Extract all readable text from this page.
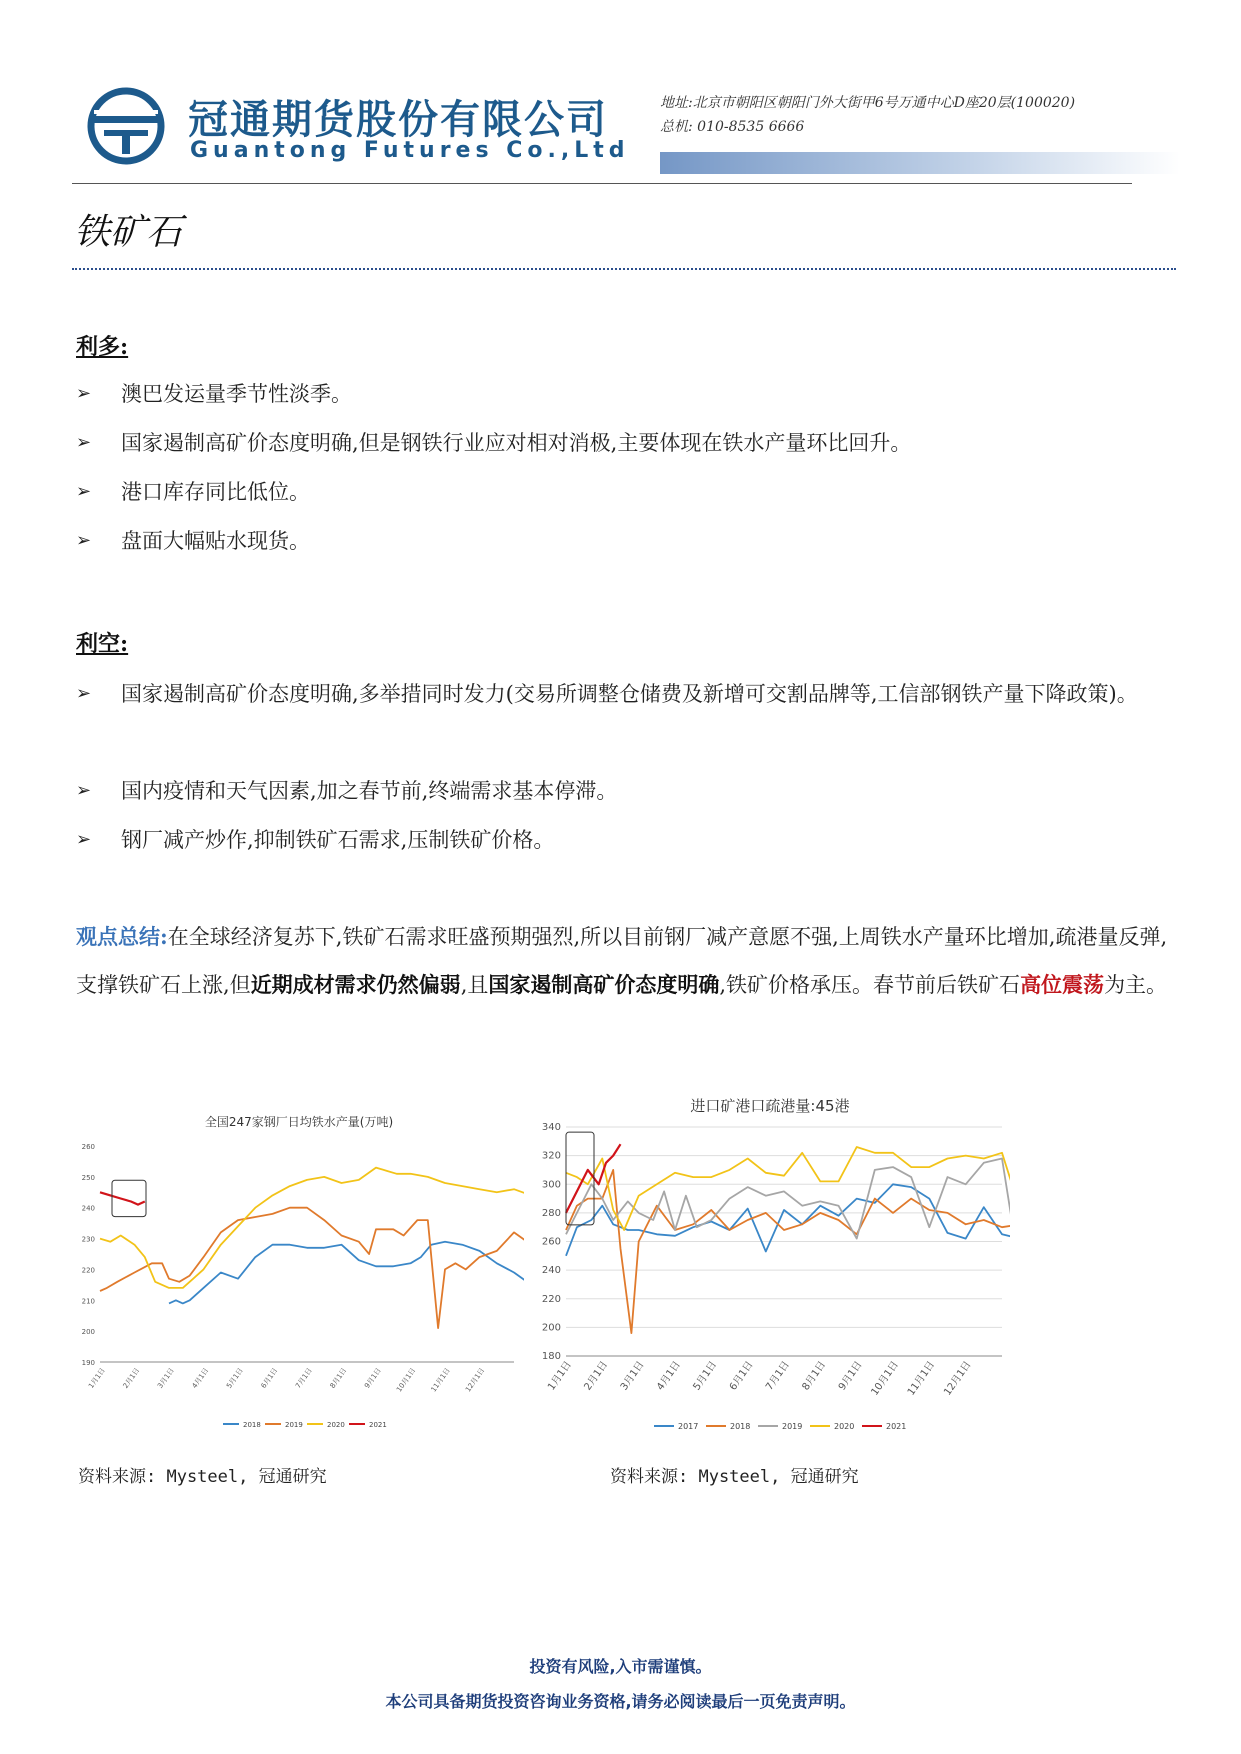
冠通期货股份有限公司
Guantong Futures Co.,Ltd
地址:北京市朝阳区朝阳门外大街甲6号万通中心D座20层(100020)
总机: 010-8535 6666
铁矿石
利多:
➢ 澳巴发运量季节性淡季。
➢ 国家遏制高矿价态度明确,但是钢铁行业应对相对消极,主要体现在铁水产量环比回升。
➢ 港口库存同比低位。
➢ 盘面大幅贴水现货。
利空:
➢ 国家遏制高矿价态度明确,多举措同时发力(交易所调整仓储费及新增可交割品牌等,工信部钢铁产量下降政策)。
➢ 国内疫情和天气因素,加之春节前,终端需求基本停滞。
➢ 钢厂减产炒作,抑制铁矿石需求,压制铁矿价格。
观点总结:在全球经济复苏下,铁矿石需求旺盛预期强烈,所以目前钢厂减产意愿不强,上周铁水产量环比增加,疏港量反弹,支撑铁矿石上涨,但近期成材需求仍然偏弱,且国家遏制高矿价态度明确,铁矿价格承压。春节前后铁矿石高位震荡为主。
全国247家钢厂日均铁水产量(万吨)
190
200
210
220
230
240
250
260
1月1日 2月1日 3月1日 4月1日 5月1日 6月1日 7月1日 8月1日 9月1日 10月1日 11月1日 12月1日
2018	2019	2020	2021
进口矿港口疏港量:45港
180
200
220
240
260
280
300
320
340
1月1日 2月1日 3月1日 4月1日 5月1日 6月1日 7月1日 8月1日 9月1日 10月1日 11月1日 12月1日
2017	2018	2019	2020	2021
资料来源: Mysteel, 冠通研究	资料来源: Mysteel, 冠通研究
投资有风险,入市需谨慎。
本公司具备期货投资咨询业务资格,请务必阅读最后一页免责声明。
